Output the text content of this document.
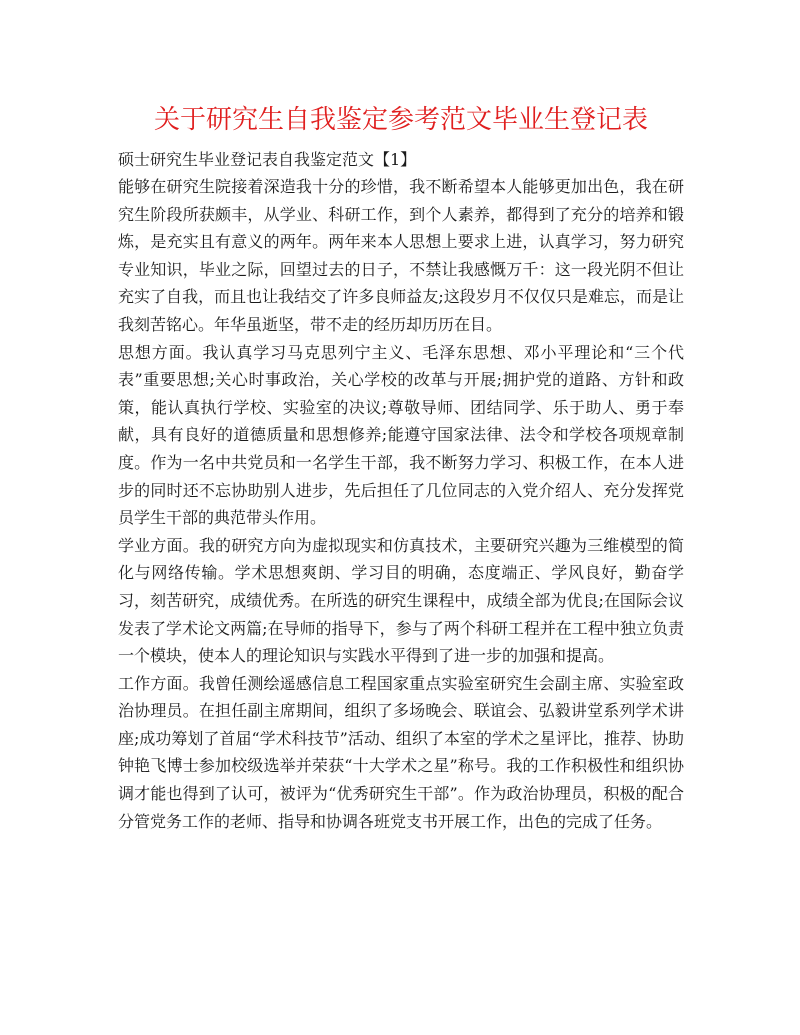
关于研究生自我鉴定参考范文毕业生登记表

硕士研究生毕业登记表自我鉴定范文【1】

能够在研究生院接着深造我十分的珍惜，我不断希望本人能够更加出色，我在研究生阶段所获颇丰，从学业、科研工作，到个人素养，都得到了充分的培养和锻炼，是充实且有意义的两年。两年来本人思想上要求上进，认真学习，努力研究专业知识，毕业之际，回望过去的日子，不禁让我感慨万千：这一段光阴不但让充实了自我，而且也让我结交了许多良师益友;这段岁月不仅仅只是难忘，而是让我刻苦铭心。年华虽逝坚，带不走的经历却历历在目。

思想方面。我认真学习马克思列宁主义、毛泽东思想、邓小平理论和“三个代表”重要思想;关心时事政治，关心学校的改革与开展;拥护党的道路、方针和政策，能认真执行学校、实验室的决议;尊敬导师、团结同学、乐于助人、勇于奉献，具有良好的道德质量和思想修养;能遵守国家法律、法令和学校各项规章制度。作为一名中共党员和一名学生干部，我不断努力学习、积极工作，在本人进步的同时还不忘协助别人进步，先后担任了几位同志的入党介绍人、充分发挥党员学生干部的典范带头作用。

学业方面。我的研究方向为虚拟现实和仿真技术，主要研究兴趣为三维模型的简化与网络传输。学术思想爽朗、学习目的明确，态度端正、学风良好，勤奋学习，刻苦研究，成绩优秀。在所选的研究生课程中，成绩全部为优良;在国际会议发表了学术论文两篇;在导师的指导下，参与了两个科研工程并在工程中独立负责一个模块，使本人的理论知识与实践水平得到了进一步的加强和提高。

工作方面。我曾任测绘遥感信息工程国家重点实验室研究生会副主席、实验室政治协理员。在担任副主席期间，组织了多场晚会、联谊会、弘毅讲堂系列学术讲座;成功筹划了首届“学术科技节”活动、组织了本室的学术之星评比，推荐、协助钟艳飞博士参加校级选举并荣获“十大学术之星”称号。我的工作积极性和组织协调才能也得到了认可，被评为“优秀研究生干部”。作为政治协理员，积极的配合分管党务工作的老师、指导和协调各班党支书开展工作，出色的完成了任务。
